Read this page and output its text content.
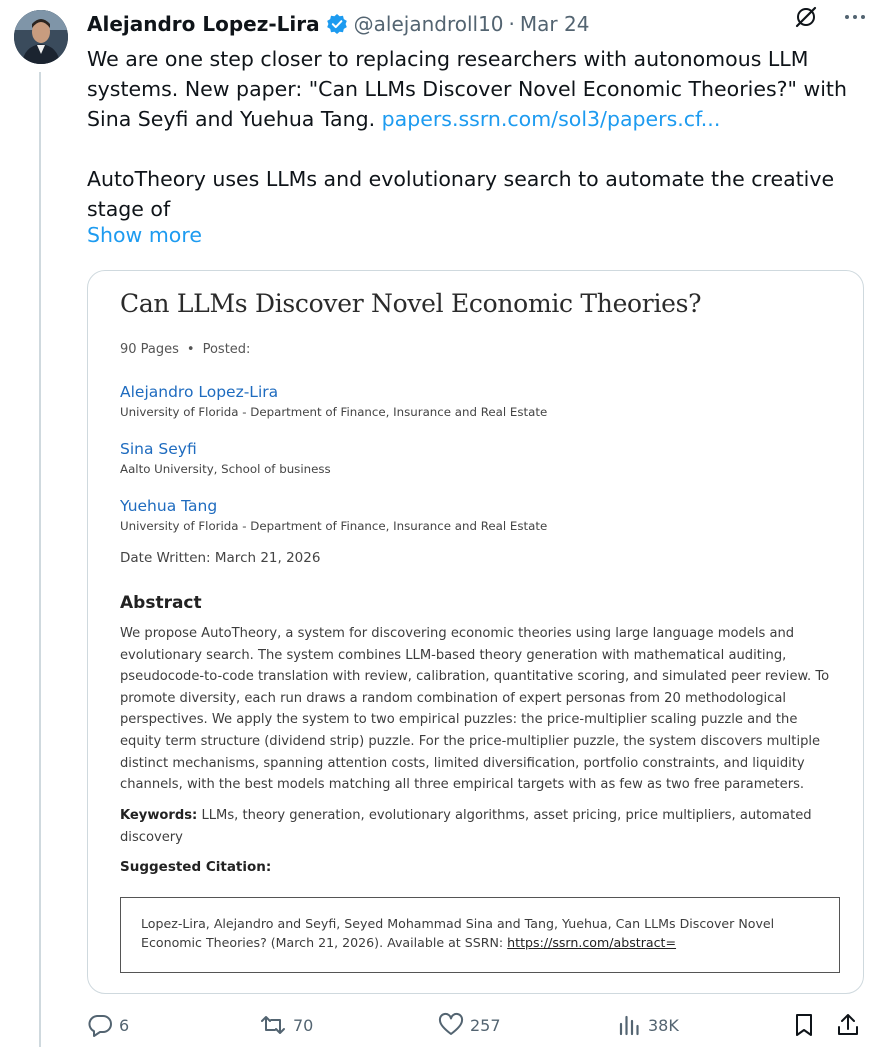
Alejandro Lopez-Lira @alejandroll10 · Mar 24

We are one step closer to replacing researchers with autonomous LLM systems. New paper: "Can LLMs Discover Novel Economic Theories?" with Sina Seyfi and Yuehua Tang. papers.ssrn.com/sol3/papers.cf...

AutoTheory uses LLMs and evolutionary search to automate the creative stage of

Show more
Can LLMs Discover Novel Economic Theories?
90 Pages • Posted:
Alejandro Lopez-Lira
University of Florida - Department of Finance, Insurance and Real Estate
Sina Seyfi
Aalto University, School of business
Yuehua Tang
University of Florida - Department of Finance, Insurance and Real Estate
Date Written: March 21, 2026
Abstract
We propose AutoTheory, a system for discovering economic theories using large language models and evolutionary search. The system combines LLM-based theory generation with mathematical auditing, pseudocode-to-code translation with review, calibration, quantitative scoring, and simulated peer review. To promote diversity, each run draws a random combination of expert personas from 20 methodological perspectives. We apply the system to two empirical puzzles: the price-multiplier scaling puzzle and the equity term structure (dividend strip) puzzle. For the price-multiplier puzzle, the system discovers multiple distinct mechanisms, spanning attention costs, limited diversification, portfolio constraints, and liquidity channels, with the best models matching all three empirical targets with as few as two free parameters.
Keywords: LLMs, theory generation, evolutionary algorithms, asset pricing, price multipliers, automated discovery
Suggested Citation:
Lopez-Lira, Alejandro and Seyfi, Seyed Mohammad Sina and Tang, Yuehua, Can LLMs Discover Novel Economic Theories? (March 21, 2026). Available at SSRN: https://ssrn.com/abstract=
6	70	257	38K
